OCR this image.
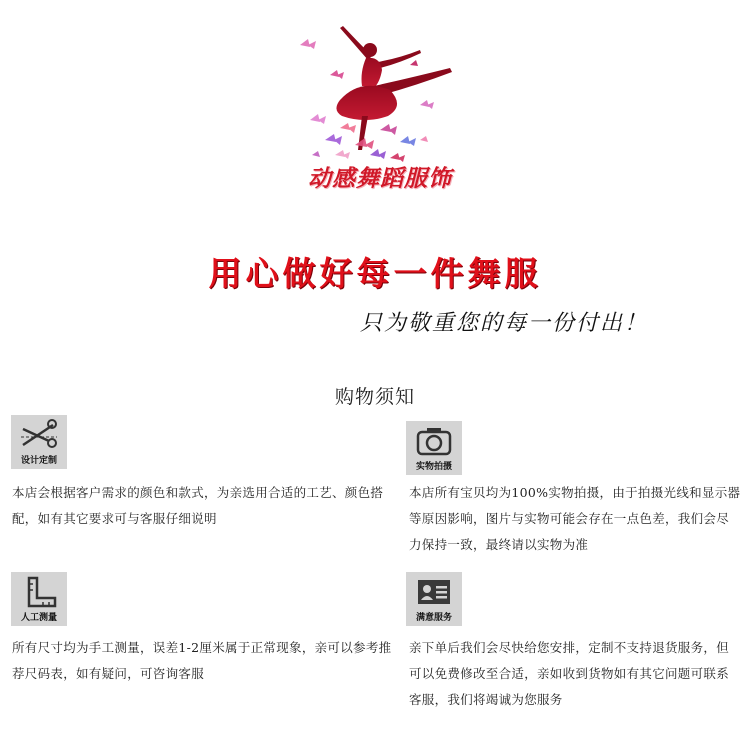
动感舞蹈服饰
用心做好每一件舞服
只为敬重您的每一份付出！
购物须知
设计定制
本店会根据客户需求的颜色和款式，为亲选用合适的工艺、颜色搭配，如有其它要求可与客服仔细说明
实物拍摄
本店所有宝贝均为100%实物拍摄，由于拍摄光线和显示器等原因影响，图片与实物可能会存在一点色差，我们会尽力保持一致，最终请以实物为准
人工测量
所有尺寸均为手工测量，误差1-2厘米属于正常现象，亲可以参考推荐尺码表，如有疑问，可咨询客服
满意服务
亲下单后我们会尽快给您安排，定制不支持退货服务，但可以免费修改至合适，亲如收到货物如有其它问题可联系客服，我们将竭诚为您服务
